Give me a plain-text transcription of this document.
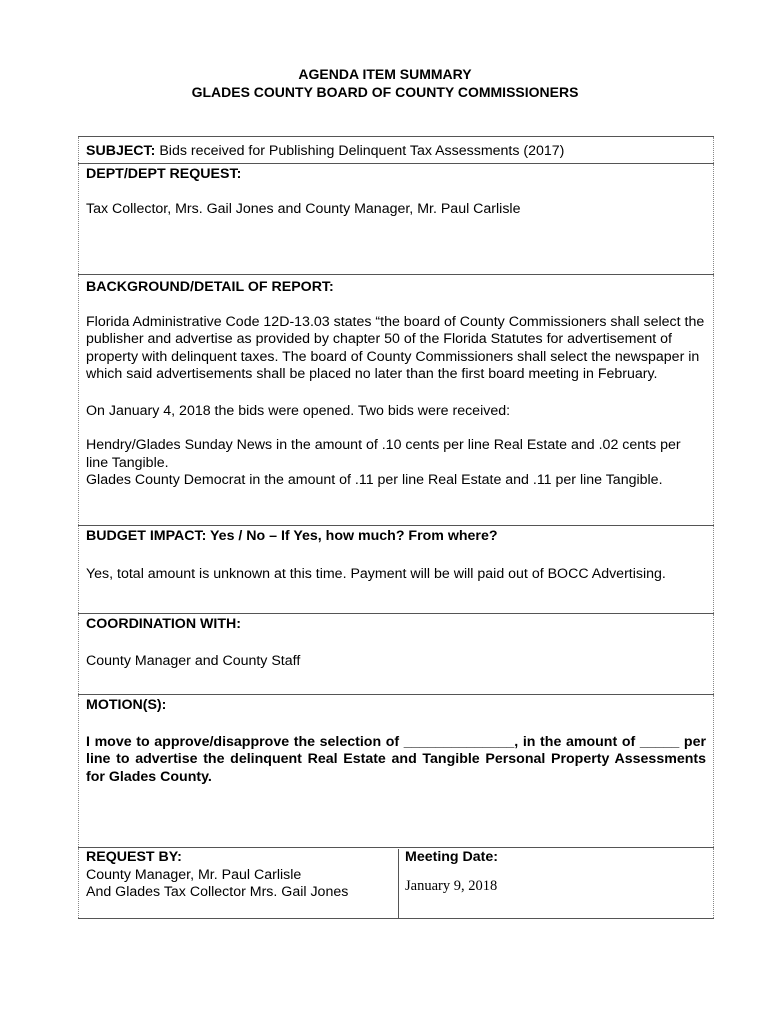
AGENDA ITEM SUMMARY
GLADES COUNTY BOARD OF COUNTY COMMISSIONERS
SUBJECT: Bids received for Publishing Delinquent Tax Assessments (2017)

DEPT/DEPT REQUEST:

Tax Collector, Mrs. Gail Jones and County Manager, Mr. Paul Carlisle

BACKGROUND/DETAIL OF REPORT:

Florida Administrative Code 12D-13.03 states “the board of County Commissioners shall select the publisher and advertise as provided by chapter 50 of the Florida Statutes for advertisement of property with delinquent taxes. The board of County Commissioners shall select the newspaper in which said advertisements shall be placed no later than the first board meeting in February.

On January 4, 2018 the bids were opened. Two bids were received:

Hendry/Glades Sunday News in the amount of .10 cents per line Real Estate and .02 cents per line Tangible.

Glades County Democrat in the amount of .11 per line Real Estate and .11 per line Tangible.

BUDGET IMPACT: Yes / No – If Yes, how much? From where?

Yes, total amount is unknown at this time. Payment will be will paid out of BOCC Advertising.

COORDINATION WITH:

County Manager and County Staff

MOTION(S):

I move to approve/disapprove the selection of ______________, in the amount of _____ per line to advertise the delinquent Real Estate and Tangible Personal Property Assessments for Glades County.

REQUEST BY:

County Manager, Mr. Paul Carlisle

And Glades Tax Collector Mrs. Gail Jones

Meeting Date:

January 9, 2018
